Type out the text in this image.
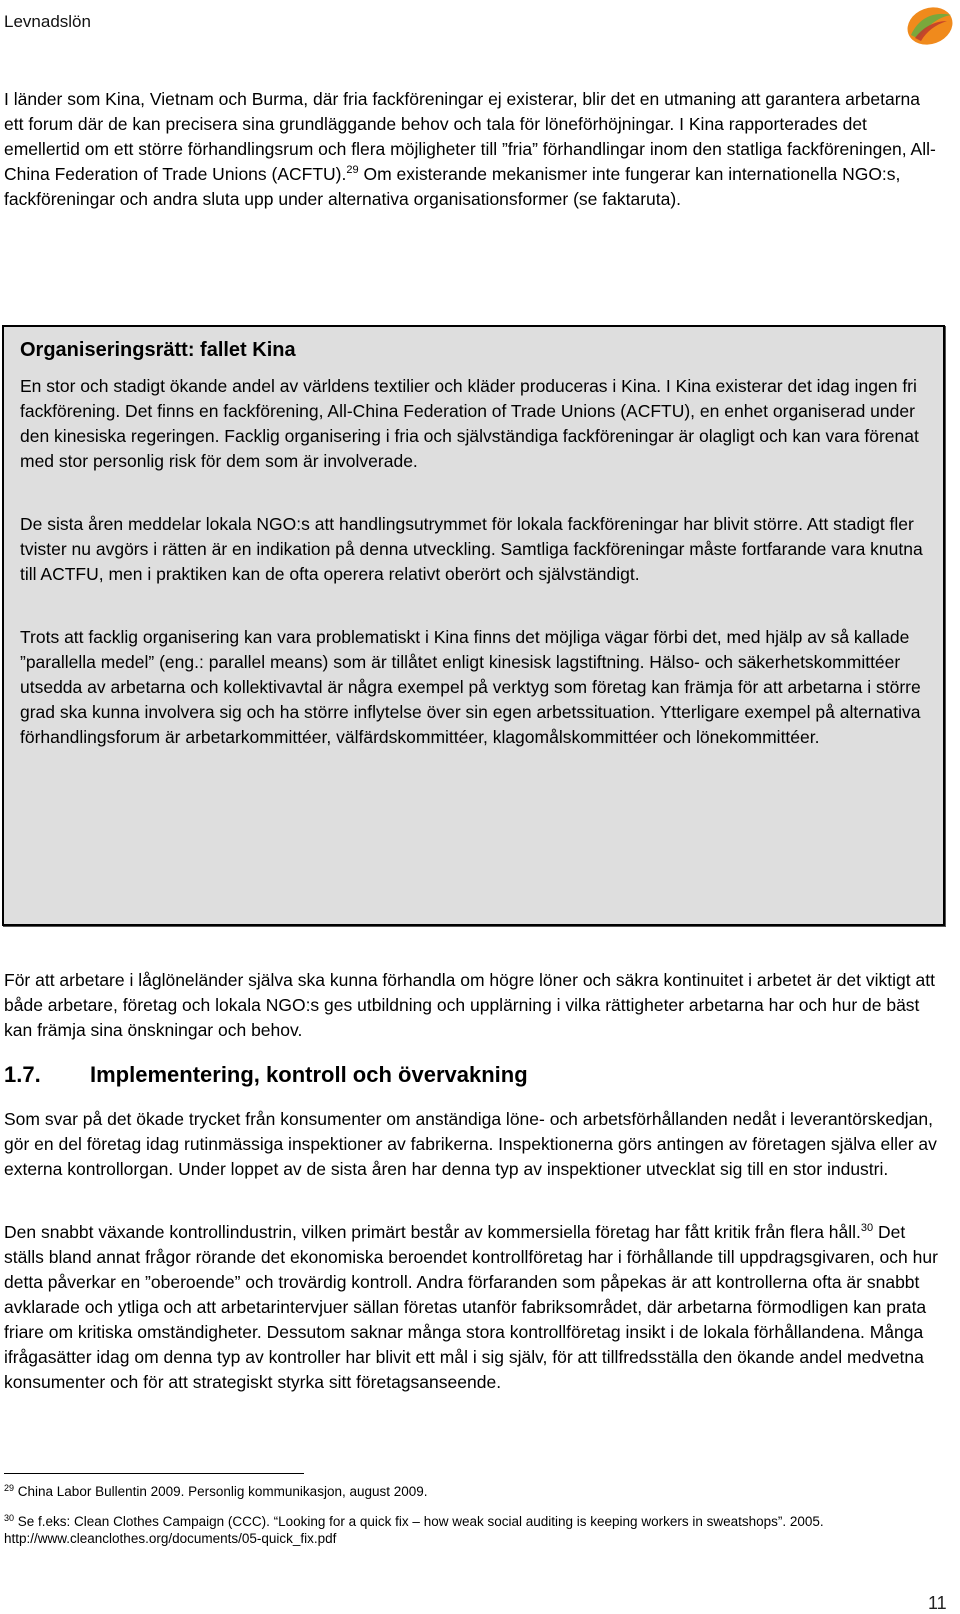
Levnadslön

I länder som Kina, Vietnam och Burma, där fria fackföreningar ej existerar, blir det en utmaning att garantera arbetarna ett forum där de kan precisera sina grundläggande behov och tala för löneförhöjningar. I Kina rapporterades det emellertid om ett större förhandlingsrum och flera möjligheter till ”fria” förhandlingar inom den statliga fackföreningen, All-China Federation of Trade Unions (ACFTU).$^{29}$ Om existerande mekanismer inte fungerar kan internationella NGO:s, fackföreningar och andra sluta upp under alternativa organisationsformer (se faktaruta).

Organiseringsrätt: fallet Kina

En stor och stadigt ökande andel av världens textilier och kläder produceras i Kina. I Kina existerar det idag ingen fri fackförening. Det finns en fackförening, All-China Federation of Trade Unions (ACFTU), en enhet organiserad under den kinesiska regeringen. Facklig organisering i fria och självständiga fackföreningar är olagligt och kan vara förenat med stor personlig risk för dem som är involverade.

De sista åren meddelar lokala NGO:s att handlingsutrymmet för lokala fackföreningar har blivit större. Att stadigt fler tvister nu avgörs i rätten är en indikation på denna utveckling. Samtliga fackföreningar måste fortfarande vara knutna till ACTFU, men i praktiken kan de ofta operera relativt oberört och självständigt.

Trots att facklig organisering kan vara problematiskt i Kina finns det möjliga vägar förbi det, med hjälp av så kallade ”parallella medel” (eng.: parallel means) som är tillåtet enligt kinesisk lagstiftning. Hälso- och säkerhetskommittéer utsedda av arbetarna och kollektivavtal är några exempel på verktyg som företag kan främja för att arbetarna i större grad ska kunna involvera sig och ha större inflytelse över sin egen arbetssituation. Ytterligare exempel på alternativa förhandlingsforum är arbetarkommittéer, välfärdskommittéer, klagomålskommittéer och lönekommittéer.

För att arbetare i låglöneländer själva ska kunna förhandla om högre löner och säkra kontinuitet i arbetet är det viktigt att både arbetare, företag och lokala NGO:s ges utbildning och upplärning i vilka rättigheter arbetarna har och hur de bäst kan främja sina önskningar och behov.

1.7. Implementering, kontroll och övervakning

Som svar på det ökade trycket från konsumenter om anständiga löne- och arbetsförhållanden nedåt i leverantörskedjan, gör en del företag idag rutinmässiga inspektioner av fabrikerna. Inspektionerna görs antingen av företagen själva eller av externa kontrollorgan. Under loppet av de sista åren har denna typ av inspektioner utvecklat sig till en stor industri.

Den snabbt växande kontrollindustrin, vilken primärt består av kommersiella företag har fått kritik från flera håll.$^{30}$ Det ställs bland annat frågor rörande det ekonomiska beroendet kontrollföretag har i förhållande till uppdragsgivaren, och hur detta påverkar en ”oberoende” och trovärdig kontroll. Andra förfaranden som påpekas är att kontrollerna ofta är snabbt avklarade och ytliga och att arbetarintervjuer sällan företas utanför fabriksområdet, där arbetarna förmodligen kan prata friare om kritiska omständigheter. Dessutom saknar många stora kontrollföretag insikt i de lokala förhållandena. Många ifrågasätter idag om denna typ av kontroller har blivit ett mål i sig själv, för att tillfredsställa den ökande andel medvetna konsumenter och för att strategiskt styrka sitt företagsanseende.

$^{29}$ China Labor Bullentin 2009. Personlig kommunikasjon, august 2009.

$^{30}$ Se f.eks: Clean Clothes Campaign (CCC). “Looking for a quick fix – how weak social auditing is keeping workers in sweatshops”. 2005. http://www.cleanclothes.org/documents/05-quick_fix.pdf

11
